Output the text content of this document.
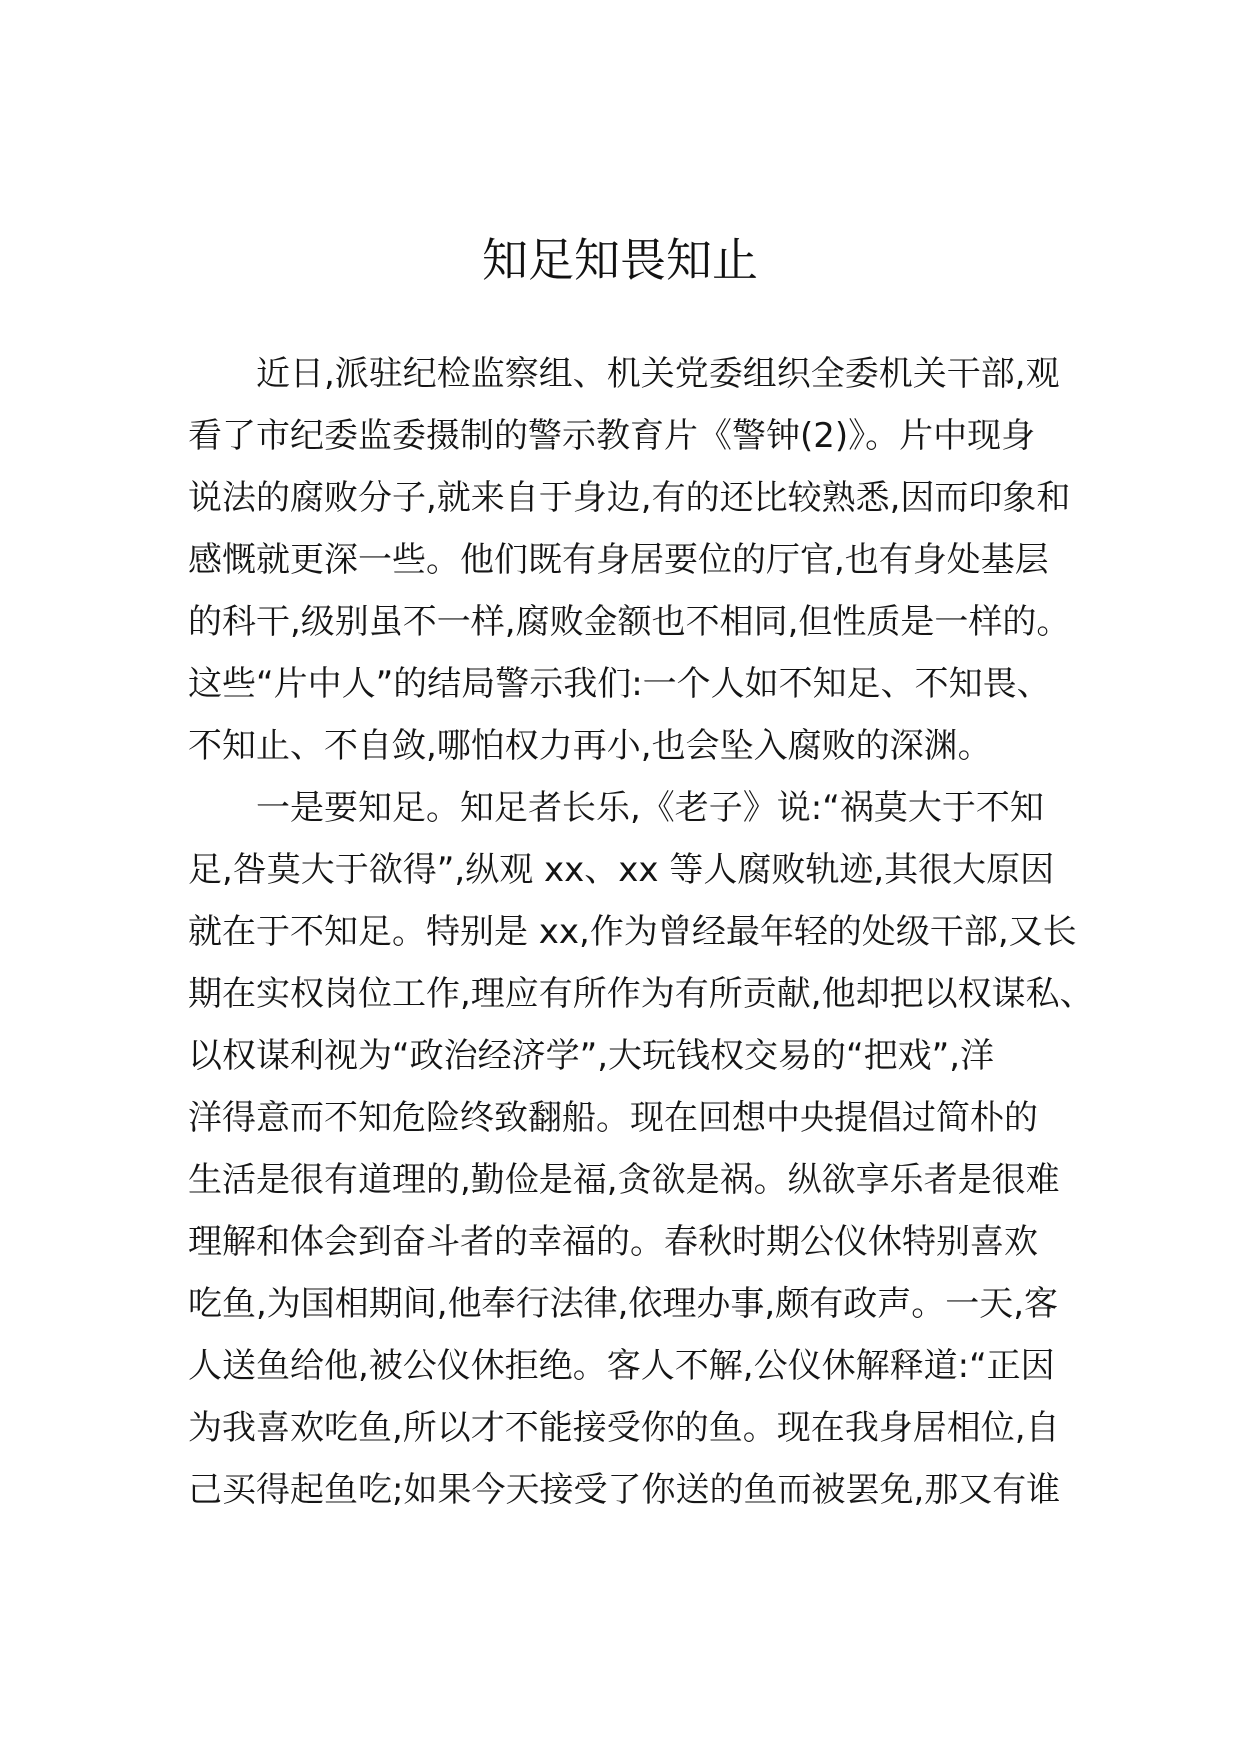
知足知畏知止

近日,派驻纪检监察组、机关党委组织全委机关干部,观

看了市纪委监委摄制的警示教育片《警钟(2)》。片中现身

说法的腐败分子,就来自于身边,有的还比较熟悉,因而印象和

感慨就更深一些。他们既有身居要位的厅官,也有身处基层

的科干,级别虽不一样,腐败金额也不相同,但性质是一样的。

这些“片中人”的结局警示我们:一个人如不知足、不知畏、

不知止、不自敛,哪怕权力再小,也会坠入腐败的深渊。

一是要知足。知足者长乐,《老子》说:“祸莫大于不知

足,咎莫大于欲得”,纵观 xx、xx 等人腐败轨迹,其很大原因

就在于不知足。特别是 xx,作为曾经最年轻的处级干部,又长

期在实权岗位工作,理应有所作为有所贡献,他却把以权谋私、

以权谋利视为“政治经济学”,大玩钱权交易的“把戏”,洋

洋得意而不知危险终致翻船。现在回想中央提倡过简朴的

生活是很有道理的,勤俭是福,贪欲是祸。纵欲享乐者是很难

理解和体会到奋斗者的幸福的。春秋时期公仪休特别喜欢

吃鱼,为国相期间,他奉行法律,依理办事,颇有政声。一天,客

人送鱼给他,被公仪休拒绝。客人不解,公仪休解释道:“正因

为我喜欢吃鱼,所以才不能接受你的鱼。现在我身居相位,自

己买得起鱼吃;如果今天接受了你送的鱼而被罢免,那又有谁
